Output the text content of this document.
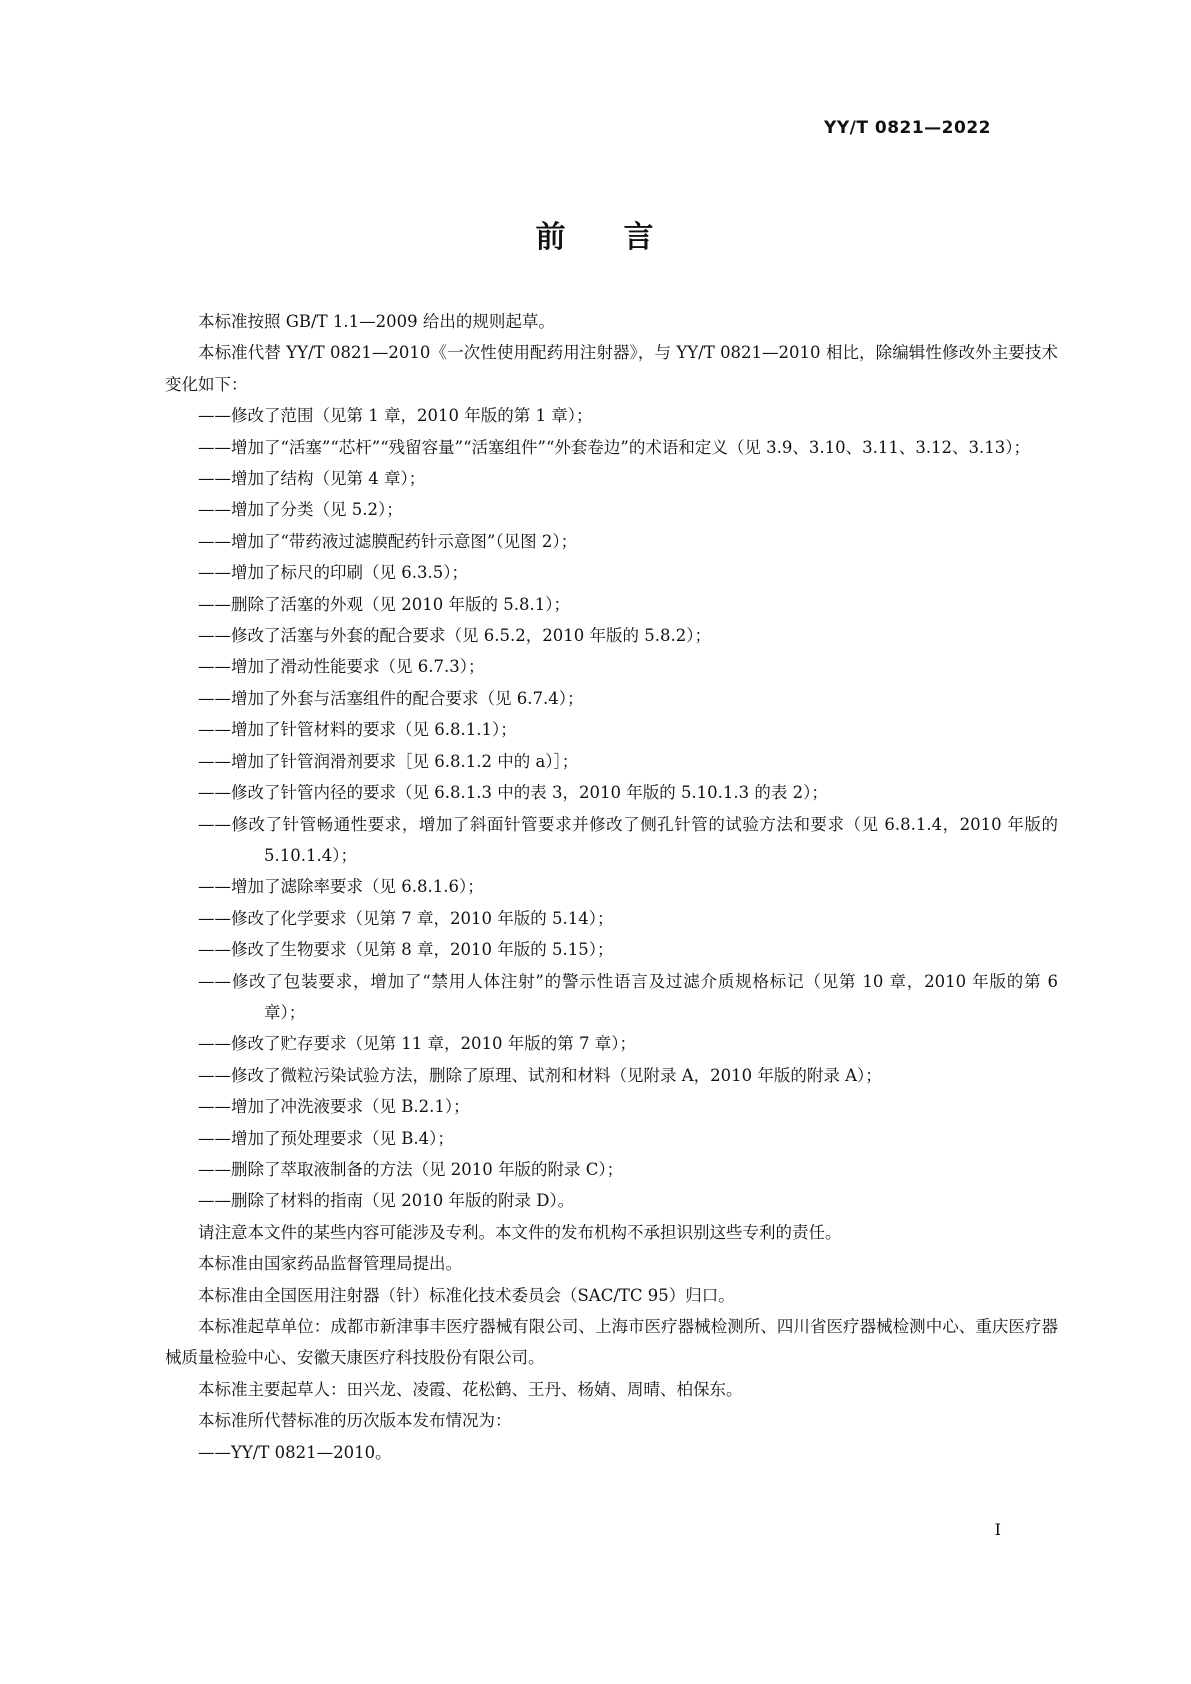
YY/T 0821—2022
前 言

本标准按照 GB/T 1.1—2009 给出的规则起草。

本标准代替 YY/T 0821—2010《一次性使用配药用注射器》，与 YY/T 0821—2010 相比，除编辑性修改外主要技术变化如下：

——修改了范围（见第 1 章，2010 年版的第 1 章）；

——增加了“活塞”“芯杆”“残留容量”“活塞组件”“外套卷边”的术语和定义（见 3.9、3.10、3.11、3.12、3.13）；

——增加了结构（见第 4 章）；

——增加了分类（见 5.2）；

——增加了“带药液过滤膜配药针示意图”（见图 2）；

——增加了标尺的印刷（见 6.3.5）；

——删除了活塞的外观（见 2010 年版的 5.8.1）；

——修改了活塞与外套的配合要求（见 6.5.2，2010 年版的 5.8.2）；

——增加了滑动性能要求（见 6.7.3）；

——增加了外套与活塞组件的配合要求（见 6.7.4）；

——增加了针管材料的要求（见 6.8.1.1）；

——增加了针管润滑剂要求［见 6.8.1.2 中的 a）］；

——修改了针管内径的要求（见 6.8.1.3 中的表 3，2010 年版的 5.10.1.3 的表 2）；

——修改了针管畅通性要求，增加了斜面针管要求并修改了侧孔针管的试验方法和要求（见 6.8.1.4，2010 年版的 5.10.1.4）；

——增加了滤除率要求（见 6.8.1.6）；

——修改了化学要求（见第 7 章，2010 年版的 5.14）；

——修改了生物要求（见第 8 章，2010 年版的 5.15）；

——修改了包装要求，增加了“禁用人体注射”的警示性语言及过滤介质规格标记（见第 10 章，2010 年版的第 6 章）；

——修改了贮存要求（见第 11 章，2010 年版的第 7 章）；

——修改了微粒污染试验方法，删除了原理、试剂和材料（见附录 A，2010 年版的附录 A）；

——增加了冲洗液要求（见 B.2.1）；

——增加了预处理要求（见 B.4）；

——删除了萃取液制备的方法（见 2010 年版的附录 C）；

——删除了材料的指南（见 2010 年版的附录 D）。

请注意本文件的某些内容可能涉及专利。本文件的发布机构不承担识别这些专利的责任。

本标准由国家药品监督管理局提出。

本标准由全国医用注射器（针）标准化技术委员会（SAC/TC 95）归口。

本标准起草单位：成都市新津事丰医疗器械有限公司、上海市医疗器械检测所、四川省医疗器械检测中心、重庆医疗器械质量检验中心、安徽天康医疗科技股份有限公司。

本标准主要起草人：田兴龙、凌霞、花松鹤、王丹、杨婧、周晴、柏保东。

本标准所代替标准的历次版本发布情况为：

——YY/T 0821—2010。

I
